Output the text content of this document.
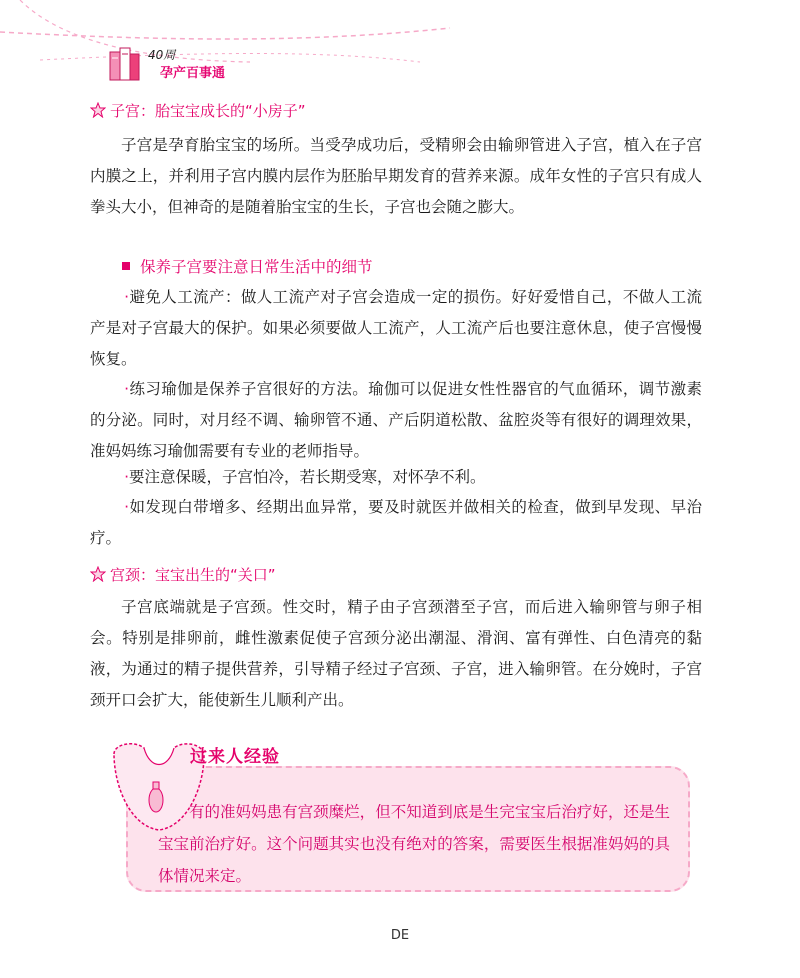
40周
孕产百事通
子宫：胎宝宝成长的“小房子”

子宫是孕育胎宝宝的场所。当受孕成功后，受精卵会由输卵管进入子宫，植入在子宫内膜之上，并利用子宫内膜内层作为胚胎早期发育的营养来源。成年女性的子宫只有成人拳头大小，但神奇的是随着胎宝宝的生长，子宫也会随之膨大。

保养子宫要注意日常生活中的细节

·避免人工流产：做人工流产对子宫会造成一定的损伤。好好爱惜自己，不做人工流产是对子宫最大的保护。如果必须要做人工流产，人工流产后也要注意休息，使子宫慢慢恢复。

·练习瑜伽是保养子宫很好的方法。瑜伽可以促进女性性器官的气血循环，调节激素的分泌。同时，对月经不调、输卵管不通、产后阴道松散、盆腔炎等有很好的调理效果，准妈妈练习瑜伽需要有专业的老师指导。

·要注意保暖，子宫怕冷，若长期受寒，对怀孕不利。

·如发现白带增多、经期出血异常，要及时就医并做相关的检查，做到早发现、早治疗。

宫颈：宝宝出生的“关口”

子宫底端就是子宫颈。性交时，精子由子宫颈潜至子宫，而后进入输卵管与卵子相会。特别是排卵前，雌性激素促使子宫颈分泌出潮湿、滑润、富有弹性、白色清亮的黏液，为通过的精子提供营养，引导精子经过子宫颈、子宫，进入输卵管。在分娩时，子宫颈开口会扩大，能使新生儿顺利产出。

过来人经验

有的准妈妈患有宫颈糜烂，但不知道到底是生完宝宝后治疗好，还是生宝宝前治疗好。这个问题其实也没有绝对的答案，需要医生根据准妈妈的具体情况来定。

DE
